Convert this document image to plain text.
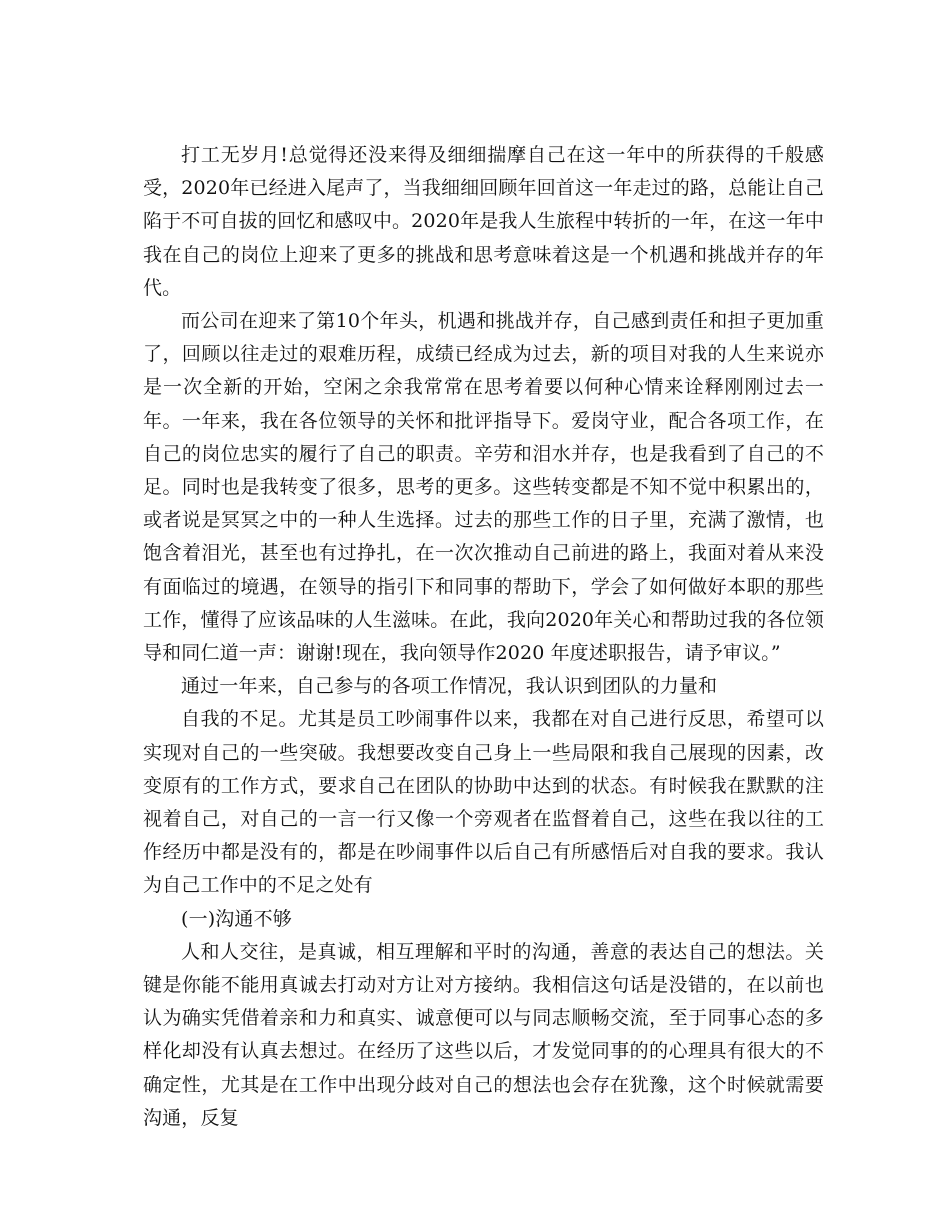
打工无岁月!总觉得还没来得及细细揣摩自己在这一年中的所获得的千般感受，2020年已经进入尾声了，当我细细回顾年回首这一年走过的路，总能让自己陷于不可自拔的回忆和感叹中。2020年是我人生旅程中转折的一年，在这一年中我在自己的岗位上迎来了更多的挑战和思考意味着这是一个机遇和挑战并存的年代。

而公司在迎来了第10个年头，机遇和挑战并存，自己感到责任和担子更加重了，回顾以往走过的艰难历程，成绩已经成为过去，新的项目对我的人生来说亦是一次全新的开始，空闲之余我常常在思考着要以何种心情来诠释刚刚过去一年。一年来，我在各位领导的关怀和批评指导下。爱岗守业，配合各项工作，在自己的岗位忠实的履行了自己的职责。辛劳和泪水并存，也是我看到了自己的不足。同时也是我转变了很多，思考的更多。这些转变都是不知不觉中积累出的，或者说是冥冥之中的一种人生选择。过去的那些工作的日子里，充满了激情，也饱含着泪光，甚至也有过挣扎，在一次次推动自己前进的路上，我面对着从来没有面临过的境遇，在领导的指引下和同事的帮助下，学会了如何做好本职的那些工作，懂得了应该品味的人生滋味。在此，我向2020年关心和帮助过我的各位领导和同仁道一声：谢谢!现在，我向领导作2020 年度述职报告，请予审议。”

通过一年来，自己参与的各项工作情况，我认识到团队的力量和

自我的不足。尤其是员工吵闹事件以来，我都在对自己进行反思，希望可以实现对自己的一些突破。我想要改变自己身上一些局限和我自己展现的因素，改变原有的工作方式，要求自己在团队的协助中达到的状态。有时候我在默默的注视着自己，对自己的一言一行又像一个旁观者在监督着自己，这些在我以往的工作经历中都是没有的，都是在吵闹事件以后自己有所感悟后对自我的要求。我认为自己工作中的不足之处有

(一)沟通不够

人和人交往，是真诚，相互理解和平时的沟通，善意的表达自己的想法。关键是你能不能用真诚去打动对方让对方接纳。我相信这句话是没错的，在以前也认为确实凭借着亲和力和真实、诚意便可以与同志顺畅交流，至于同事心态的多样化却没有认真去想过。在经历了这些以后，才发觉同事的的心理具有很大的不确定性，尤其是在工作中出现分歧对自己的想法也会存在犹豫，这个时候就需要沟通，反复
